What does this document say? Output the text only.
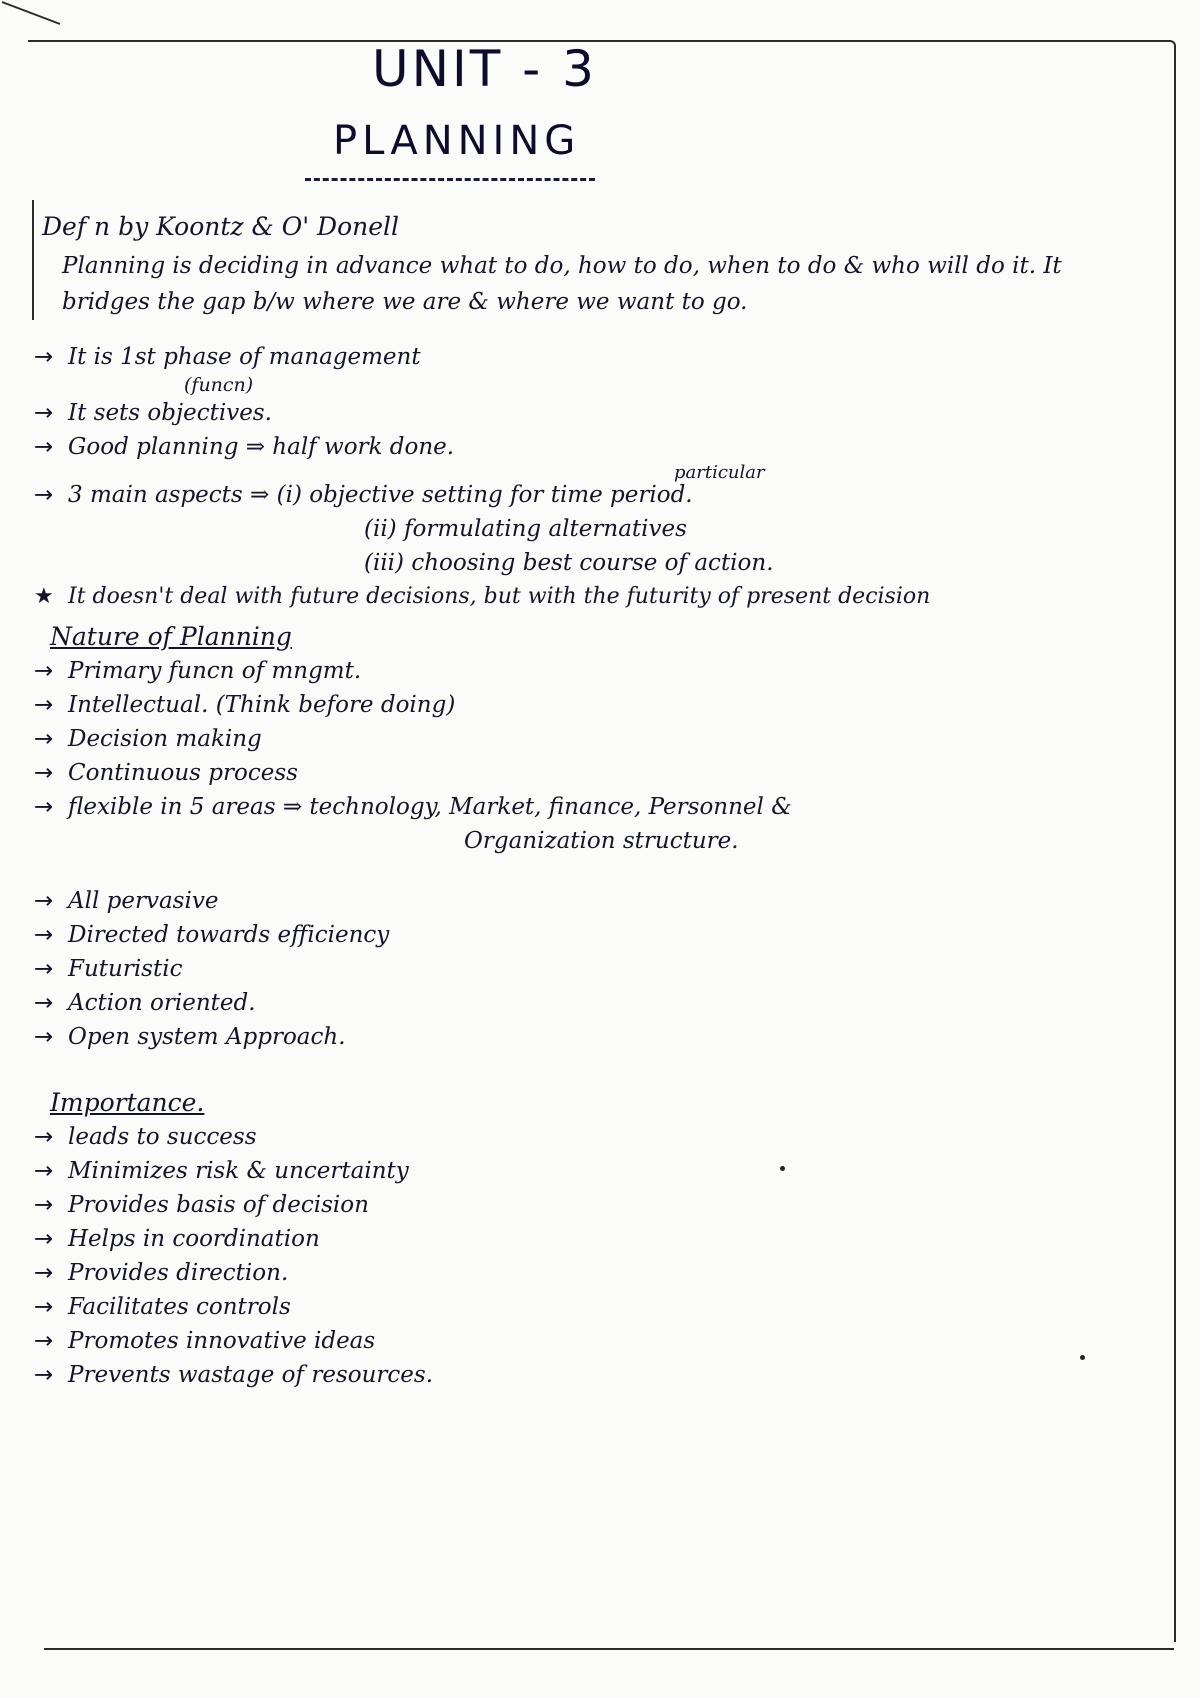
UNIT - 3
PLANNING
Def n by Koontz & O' Donell
Planning is deciding in advance what to do, how to do, when to do & who will do it. It bridges the gap b/w where we are & where we want to go.
→ It is 1st phase of management
(funcn)
→ It sets objectives.
→ Good planning ⇒ half work done.
particular
→ 3 main aspects ⇒ (i) objective setting for time period.
(ii) formulating alternatives
(iii) choosing best course of action.
★ It doesn't deal with future decisions, but with the futurity of present decision
Nature of Planning
→ Primary funcn of mngmt.
→ Intellectual. (Think before doing)
→ Decision making
→ Continuous process
→ flexible in 5 areas ⇒ technology, Market, finance, Personnel &
Organization structure.
→ All pervasive
→ Directed towards efficiency
→ Futuristic
→ Action oriented.
→ Open system Approach.
Importance.
→ leads to success
→ Minimizes risk & uncertainty
→ Provides basis of decision
→ Helps in coordination
→ Provides direction.
→ Facilitates controls
→ Promotes innovative ideas
→ Prevents wastage of resources.
